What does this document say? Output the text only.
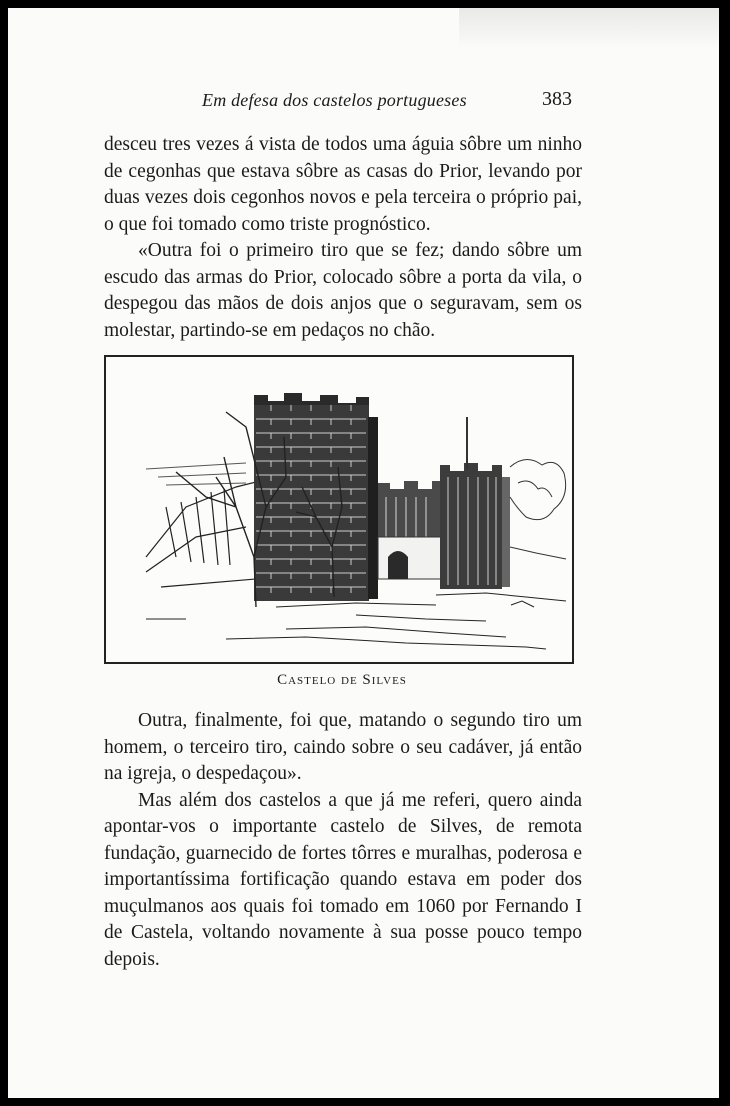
Em defesa dos castelos portugueses	383

desceu tres vezes á vista de todos uma águia sôbre um ninho de cegonhas que estava sôbre as casas do Prior, levando por duas vezes dois cegonhos novos e pela terceira o próprio pai, o que foi tomado como triste prognóstico.

«Outra foi o primeiro tiro que se fez; dando sôbre um escudo das armas do Prior, colocado sôbre a porta da vila, o despegou das mãos de dois anjos que o seguravam, sem os molestar, partindo-se em pedaços no chão.

Castelo de Silves

Outra, finalmente, foi que, matando o segundo tiro um homem, o terceiro tiro, caindo sobre o seu cadáver, já então na igreja, o despedaçou».

Mas além dos castelos a que já me referi, quero ainda apontar-vos o importante castelo de Silves, de remota fundação, guarnecido de fortes tôrres e muralhas, poderosa e importantíssima fortificação quando estava em poder dos muçulmanos aos quais foi tomado em 1060 por Fernando I de Castela, voltando novamente à sua posse pouco tempo depois.
